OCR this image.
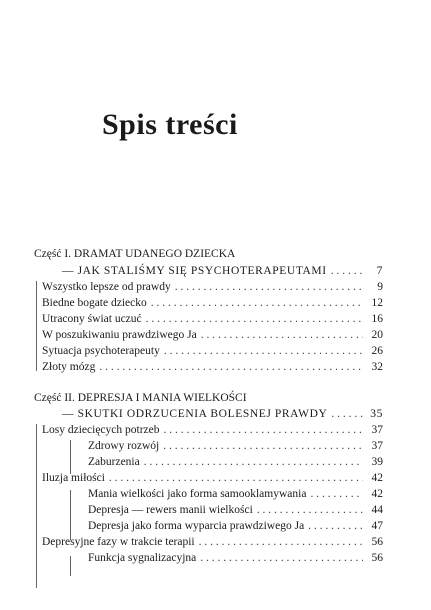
Spis treści
Część I. DRAMAT UDANEGO DZIECKA
— JAK STALIŚMY SIĘ PSYCHOTERAPEUTAMI . . .	7
Wszystko lepsze od prawdy . . .	9
Biedne bogate dziecko . . .	12
Utracony świat uczuć . . .	16
W poszukiwaniu prawdziwego Ja . . .	20
Sytuacja psychoterapeuty . . .	26
Złoty mózg . . .	32
Część II. DEPRESJA I MANIA WIELKOŚCI
— SKUTKI ODRZUCENIA BOLESNEJ PRAWDY . . .	35
Losy dziecięcych potrzeb . . .	37
Zdrowy rozwój . . .	37
Zaburzenia . . .	39
Iluzja miłości . . .	42
Mania wielkości jako forma samooklamywania . . .	42
Depresja — rewers manii wielkości . . .	44
Depresja jako forma wyparcia prawdziwego Ja . . .	47
Depresyjne fazy w trakcie terapii . . .	56
Funkcja sygnalizacyjna . . .	56
